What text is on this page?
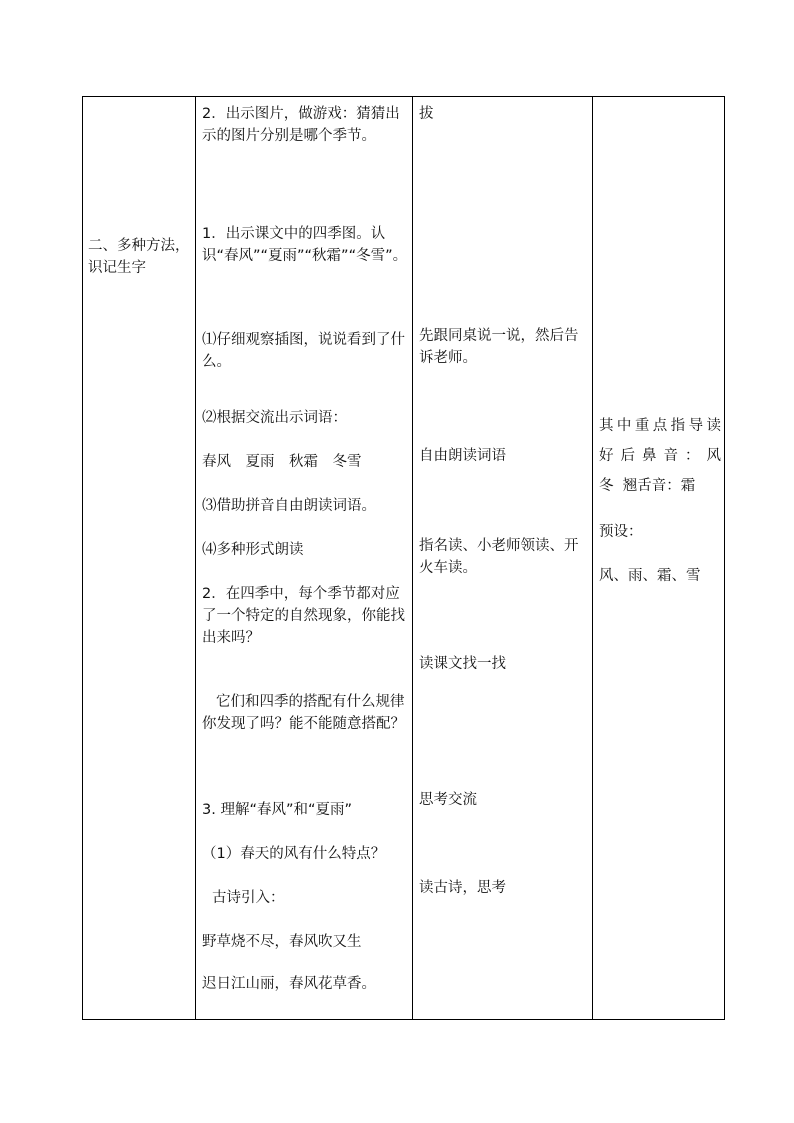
二、多种方法，识记生字
2．出示图片，做游戏：猜猜出示的图片分别是哪个季节。
1．出示课文中的四季图。认识“春风”“夏雨”“秋霜”“冬雪”。
⑴仔细观察插图，说说看到了什么。
⑵根据交流出示词语：
春风　夏雨　秋霜　冬雪
⑶借助拼音自由朗读词语。
⑷多种形式朗读
2．在四季中，每个季节都对应了一个特定的自然现象，你能找出来吗？
它们和四季的搭配有什么规律你发现了吗？能不能随意搭配？
3. 理解“春风”和“夏雨”
（1）春天的风有什么特点？
古诗引入：
野草烧不尽，春风吹又生
迟日江山丽，春风花草香。
拔
先跟同桌说一说，然后告诉老师。
自由朗读词语
指名读、小老师领读、开火车读。
读课文找一找
思考交流
读古诗，思考
其中重点指导读
好后鼻音：风
冬  翘舌音：霜
预设：
风、雨、霜、雪
